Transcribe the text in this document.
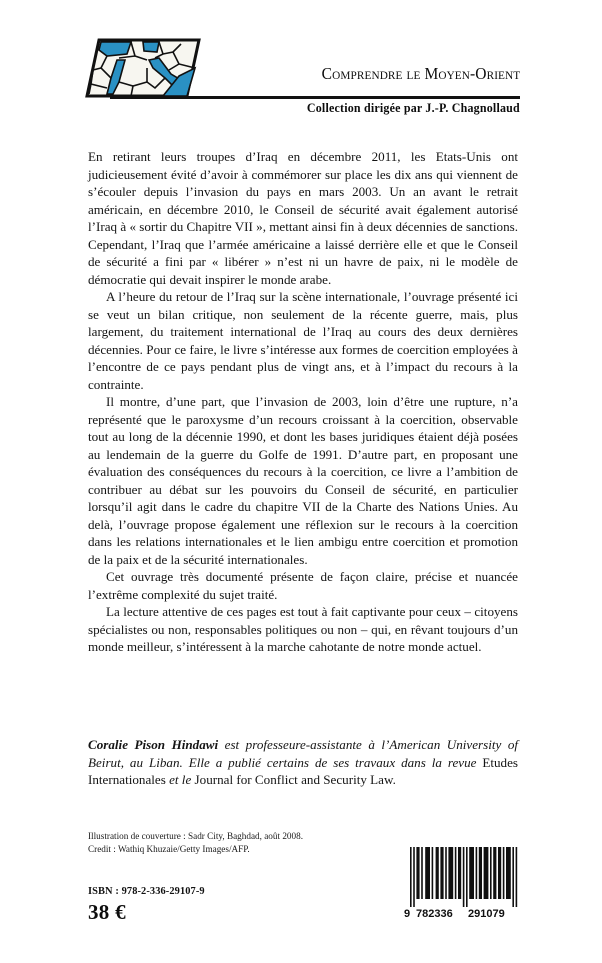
Comprendre le Moyen-Orient
Collection dirigée par J.-P. Chagnollaud

En retirant leurs troupes d’Iraq en décembre 2011, les Etats-Unis ont judicieusement évité d’avoir à commémorer sur place les dix ans qui viennent de s’écouler depuis l’invasion du pays en mars 2003. Un an avant le retrait américain, en décembre 2010, le Conseil de sécurité avait également autorisé l’Iraq à « sortir du Chapitre VII », mettant ainsi fin à deux décennies de sanctions. Cependant, l’Iraq que l’armée américaine a laissé derrière elle et que le Conseil de sécurité a fini par « libérer » n’est ni un havre de paix, ni le modèle de démocratie qui devait inspirer le monde arabe.

A l’heure du retour de l’Iraq sur la scène internationale, l’ouvrage présenté ici se veut un bilan critique, non seulement de la récente guerre, mais, plus largement, du traitement international de l’Iraq au cours des deux dernières décennies. Pour ce faire, le livre s’intéresse aux formes de coercition employées à l’encontre de ce pays pendant plus de vingt ans, et à l’impact du recours à la contrainte.

Il montre, d’une part, que l’invasion de 2003, loin d’être une rupture, n’a représenté que le paroxysme d’un recours croissant à la coercition, observable tout au long de la décennie 1990, et dont les bases juridiques étaient déjà posées au lendemain de la guerre du Golfe de 1991. D’autre part, en proposant une évaluation des conséquences du recours à la coercition, ce livre a l’ambition de contribuer au débat sur les pouvoirs du Conseil de sécurité, en particulier lorsqu’il agit dans le cadre du chapitre VII de la Charte des Nations Unies. Au delà, l’ouvrage propose également une réflexion sur le recours à la coercition dans les relations internationales et le lien ambigu entre coercition et promotion de la paix et de la sécurité internationales.

Cet ouvrage très documenté présente de façon claire, précise et nuancée l’extrême complexité du sujet traité.

La lecture attentive de ces pages est tout à fait captivante pour ceux – citoyens spécialistes ou non, responsables politiques ou non – qui, en rêvant toujours d’un monde meilleur, s’intéressent à la marche cahotante de notre monde actuel.

Coralie Pison Hindawi est professeure-assistante à l’American University of Beirut, au Liban. Elle a publié certains de ses travaux dans la revue Etudes Internationales et le Journal for Conflict and Security Law.
Illustration de couverture : Sadr City, Baghdad, août 2008.
Credit : Wathiq Khuzaie/Getty Images/AFP.
ISBN : 978-2-336-29107-9
38 €	9 782336 291079
